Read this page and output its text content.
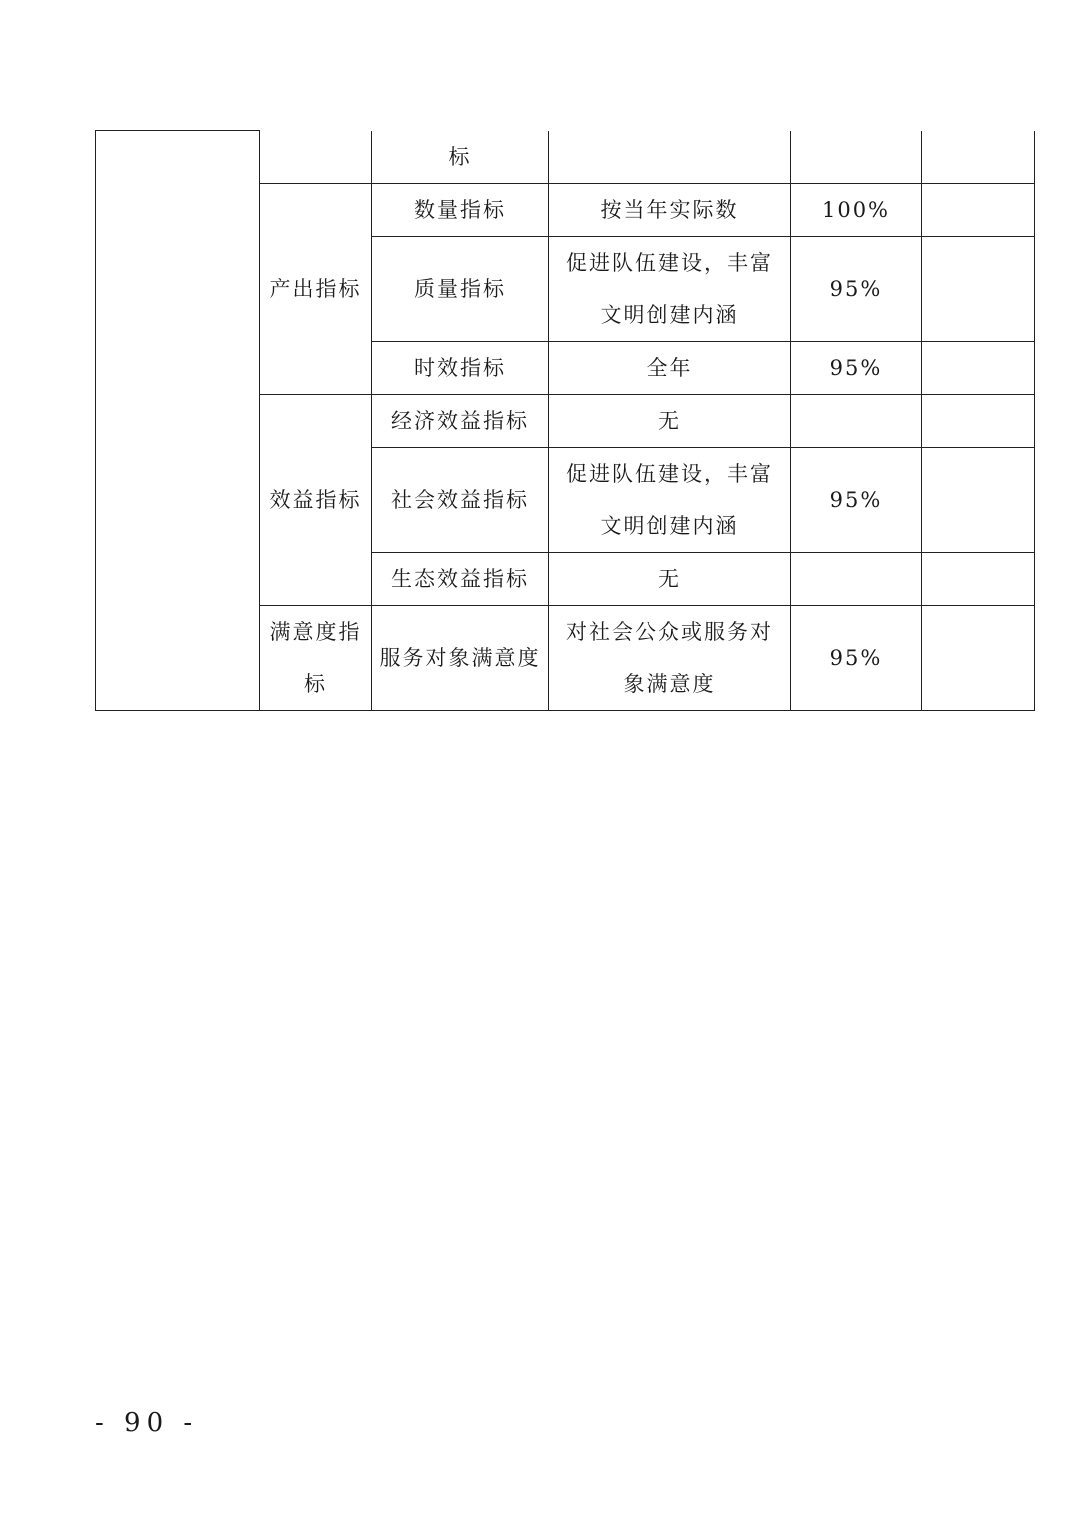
		标			
	产出指标	数量指标	按当年实际数	100%	
		质量指标	促进队伍建设，丰富文明创建内涵	95%	
		时效指标	全年	95%	
	效益指标	经济效益指标	无		
		社会效益指标	促进队伍建设，丰富文明创建内涵	95%	
		生态效益指标	无		
	满意度指标	服务对象满意度	对社会公众或服务对象满意度	95%	
- 90 -
